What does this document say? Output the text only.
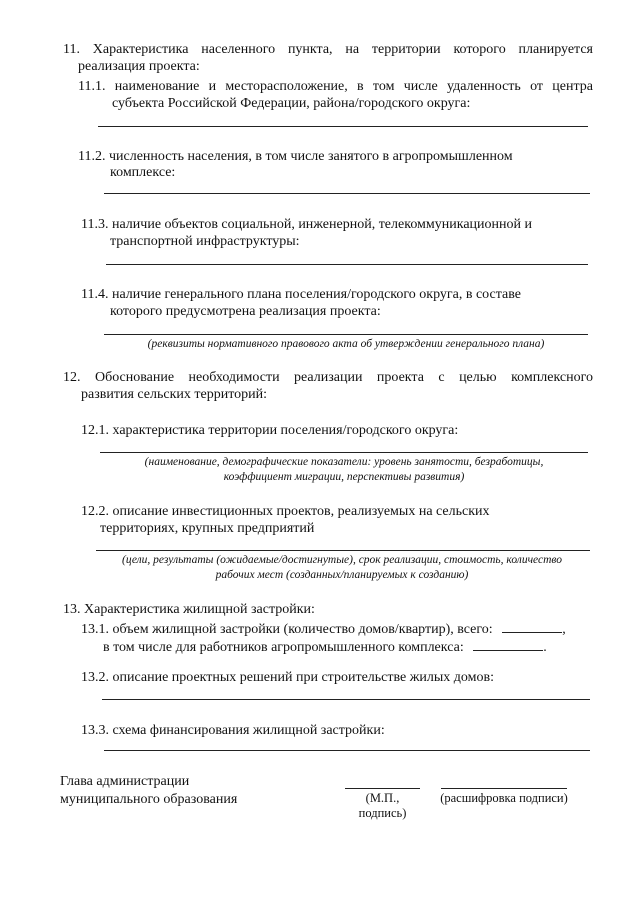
11. Характеристика населенного пункта, на территории которого планируется
реализация проекта:
11.1. наименование и месторасположение, в том числе удаленность от центра
субъекта Российской Федерации, района/городского округа:
11.2. численность населения, в том числе занятого в агропромышленном
комплексе:
11.3. наличие объектов социальной, инженерной, телекоммуникационной и
транспортной инфраструктуры:
11.4. наличие генерального плана поселения/городского округа, в составе
которого предусмотрена реализация проекта:
(реквизиты нормативного правового акта об утверждении генерального плана)
12. Обоснование необходимости реализации проекта с целью комплексного
развития сельских территорий:
12.1. характеристика территории поселения/городского округа:
(наименование, демографические показатели: уровень занятости, безработицы,
коэффициент миграции, перспективы развития)
12.2. описание инвестиционных проектов, реализуемых на сельских
территориях, крупных предприятий
(цели, результаты (ожидаемые/достигнутые), срок реализации, стоимость, количество
рабочих мест (созданных/планируемых к созданию)
13. Характеристика жилищной застройки:
13.1. объем жилищной застройки (количество домов/квартир), всего:	,
в том числе для работников агропромышленного комплекса:	.
13.2. описание проектных решений при строительстве жилых домов:
13.3. схема финансирования жилищной застройки:
Глава администрации
муниципального образования	(М.П.,
подпись)
(расшифровка подписи)
